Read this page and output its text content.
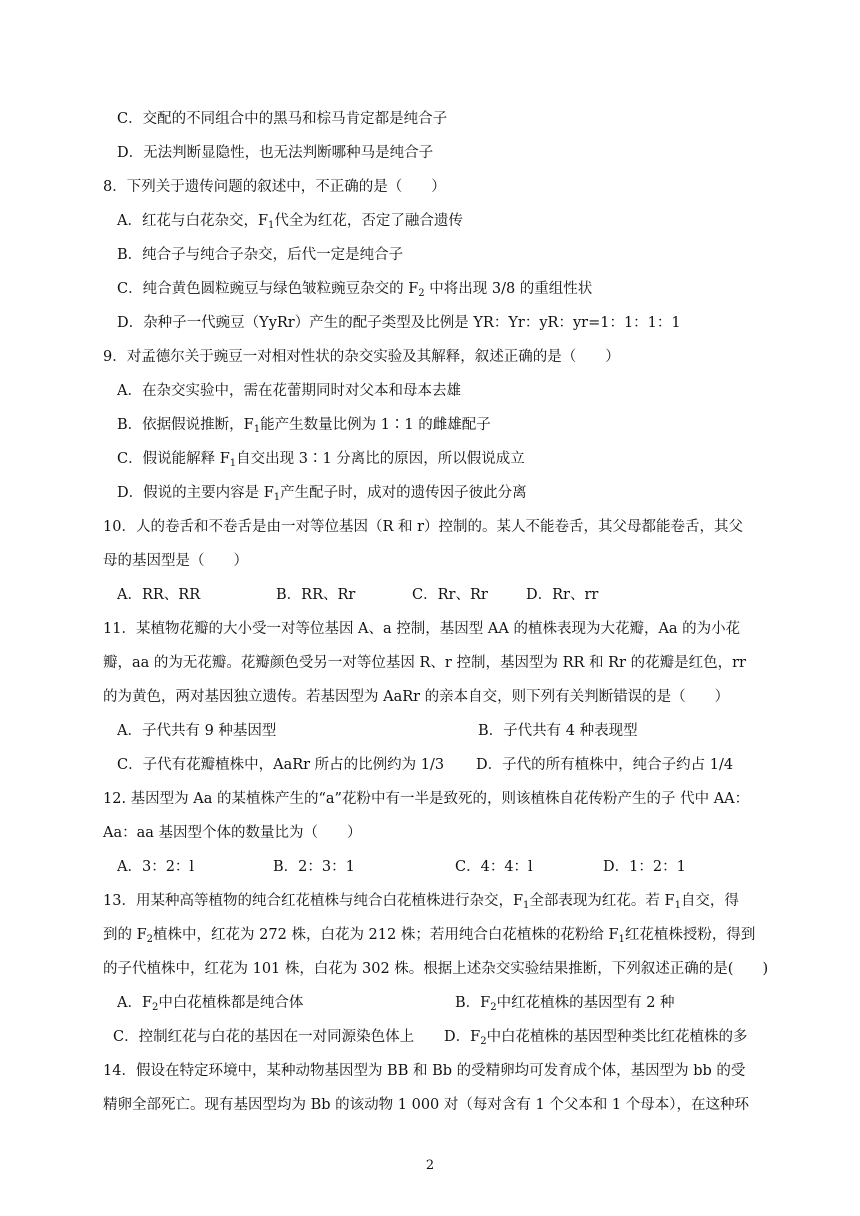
C．交配的不同组合中的黑马和棕马肯定都是纯合子
D．无法判断显隐性，也无法判断哪种马是纯合子
8．下列关于遗传问题的叙述中，不正确的是（　　）
A．红花与白花杂交，$F_1$代全为红花，否定了融合遗传
B．纯合子与纯合子杂交，后代一定是纯合子
C．纯合黄色圆粒豌豆与绿色皱粒豌豆杂交的 $F_2$ 中将出现 3/8 的重组性状
D．杂种子一代豌豆（YyRr）产生的配子类型及比例是 YR：Yr：yR：yr=1：1：1：1
9．对孟德尔关于豌豆一对相对性状的杂交实验及其解释，叙述正确的是（　　）
A．在杂交实验中，需在花蕾期同时对父本和母本去雄
B．依据假说推断，$F_1$能产生数量比例为 1∶1 的雌雄配子
C．假说能解释 $F_1$自交出现 3∶1 分离比的原因，所以假说成立
D．假说的主要内容是 $F_1$产生配子时，成对的遗传因子彼此分离
10．人的卷舌和不卷舌是由一对等位基因（R 和 r）控制的。某人不能卷舌，其父母都能卷舌，其父
母的基因型是（　　）
A．RR、RR	B．RR、Rr	C．Rr、Rr	D．Rr、rr
11．某植物花瓣的大小受一对等位基因 A、a 控制，基因型 AA 的植株表现为大花瓣，Aa 的为小花
瓣，aa 的为无花瓣。花瓣颜色受另一对等位基因 R、r 控制，基因型为 RR 和 Rr 的花瓣是红色，rr
的为黄色，两对基因独立遗传。若基因型为 AaRr 的亲本自交，则下列有关判断错误的是（　　）
A．子代共有 9 种基因型	B．子代共有 4 种表现型
C．子代有花瓣植株中，AaRr 所占的比例约为 1/3 D．子代的所有植株中，纯合子约占 1/4
12. 基因型为 Aa 的某植株产生的“a”花粉中有一半是致死的，则该植株自花传粉产生的子 代中 AA：
Aa：aa 基因型个体的数量比为（　　）
A．3：2：l	B．2：3：1	C．4：4：l	D．1：2：1
13．用某种高等植物的纯合红花植株与纯合白花植株进行杂交，$F_1$全部表现为红花。若 $F_1$自交，得
到的 $F_2$植株中，红花为 272 株，白花为 212 株；若用纯合白花植株的花粉给 $F_1$红花植株授粉，得到
的子代植株中，红花为 101 株，白花为 302 株。根据上述杂交实验结果推断，下列叙述正确的是(　　)
A．$F_2$中白花植株都是纯合体	B．$F_2$中红花植株的基因型有 2 种
C．控制红花与白花的基因在一对同源染色体上 D．$F_2$中白花植株的基因型种类比红花植株的多
14．假设在特定环境中，某种动物基因型为 BB 和 Bb 的受精卵均可发育成个体，基因型为 bb 的受
精卵全部死亡。现有基因型均为 Bb 的该动物 1 000 对（每对含有 1 个父本和 1 个母本），在这种环
2
